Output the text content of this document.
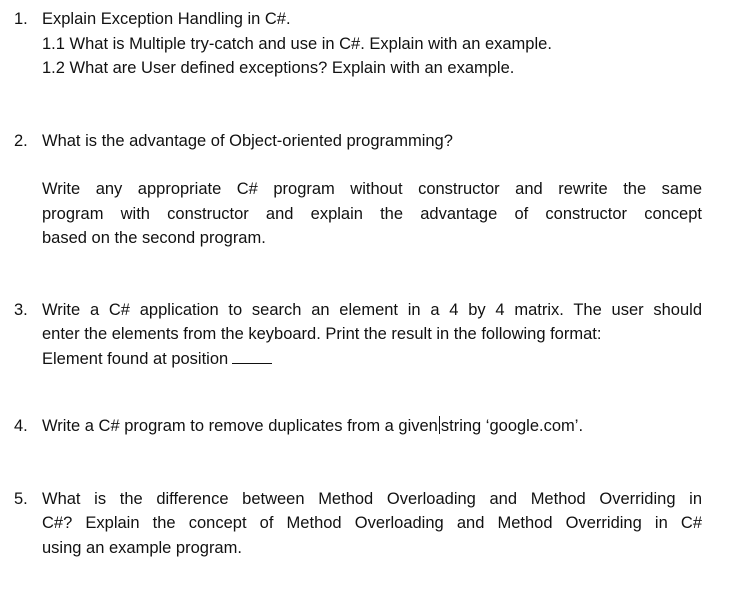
1. Explain Exception Handling in C#.
1.1 What is Multiple try-catch and use in C#. Explain with an example.
1.2 What are User defined exceptions? Explain with an example.
2. What is the advantage of Object-oriented programming?
Write any appropriate C# program without constructor and rewrite the same
program with constructor and explain the advantage of constructor concept
based on the second program.
3. Write a C# application to search an element in a 4 by 4 matrix. The user should
enter the elements from the keyboard. Print the result in the following format:
Element found at position
4. Write a C# program to remove duplicates from a given string ‘google.com’.
5. What is the difference between Method Overloading and Method Overriding in
C#? Explain the concept of Method Overloading and Method Overriding in C#
using an example program.
